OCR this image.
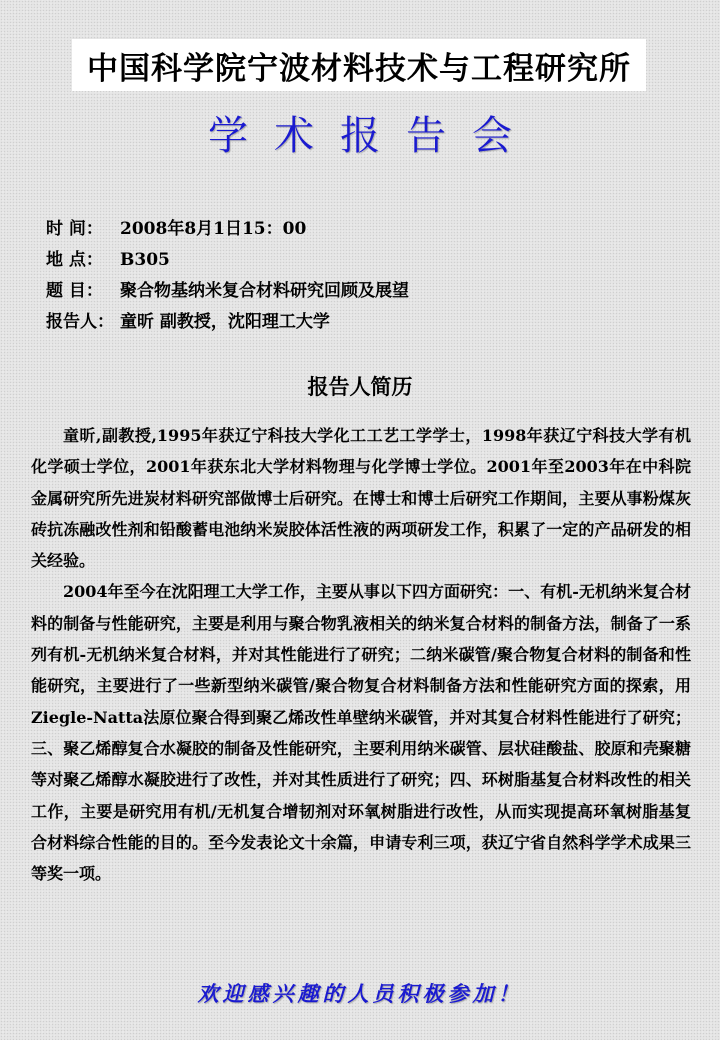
中国科学院宁波材料技术与工程研究所
学术报告会
时 间： 2008年8月1日15：00
地 点： B305
题 目： 聚合物基纳米复合材料研究回顾及展望
报告人： 童昕 副教授，沈阳理工大学
报告人简历

童昕,副教授,1995年获辽宁科技大学化工工艺工学学士，1998年获辽宁科技大学有机化学硕士学位，2001年获东北大学材料物理与化学博士学位。2001年至2003年在中科院金属研究所先进炭材料研究部做博士后研究。在博士和博士后研究工作期间，主要从事粉煤灰砖抗冻融改性剂和铅酸蓄电池纳米炭胶体活性液的两项研发工作，积累了一定的产品研发的相关经验。

2004年至今在沈阳理工大学工作，主要从事以下四方面研究：一、有机-无机纳米复合材料的制备与性能研究，主要是利用与聚合物乳液相关的纳米复合材料的制备方法，制备了一系列有机-无机纳米复合材料，并对其性能进行了研究；二纳米碳管/聚合物复合材料的制备和性能研究，主要进行了一些新型纳米碳管/聚合物复合材料制备方法和性能研究方面的探索，用Ziegle-Natta法原位聚合得到聚乙烯改性单壁纳米碳管，并对其复合材料性能进行了研究；三、聚乙烯醇复合水凝胶的制备及性能研究，主要利用纳米碳管、层状硅酸盐、胶原和壳聚糖等对聚乙烯醇水凝胶进行了改性，并对其性质进行了研究；四、环树脂基复合材料改性的相关工作，主要是研究用有机/无机复合增韧剂对环氧树脂进行改性，从而实现提高环氧树脂基复合材料综合性能的目的。至今发表论文十余篇，申请专利三项，获辽宁省自然科学学术成果三等奖一项。

欢迎感兴趣的人员积极参加！
